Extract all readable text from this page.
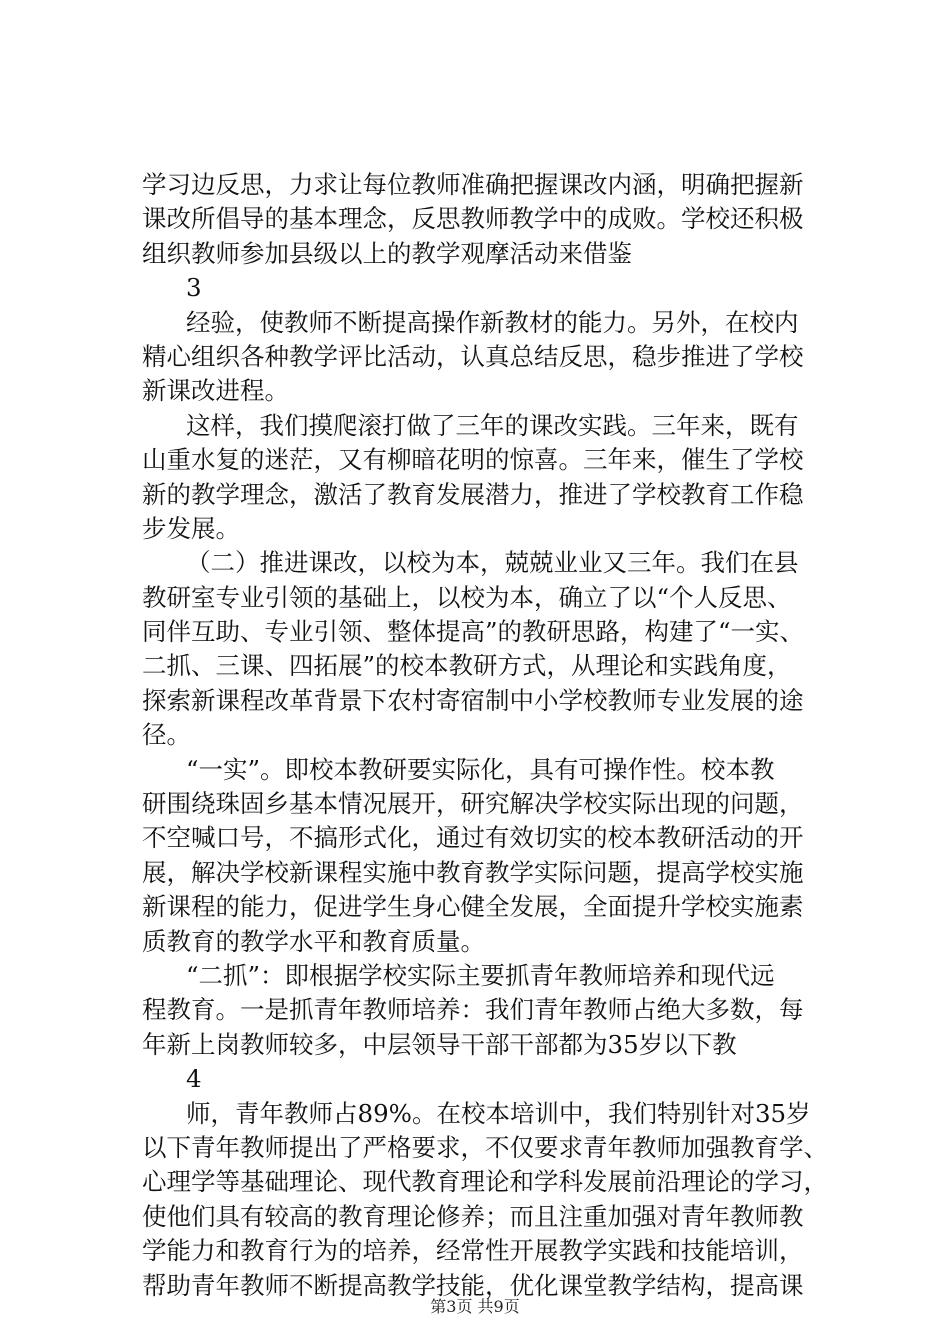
学习边反思，力求让每位教师准确把握课改内涵，明确把握新
课改所倡导的基本理念，反思教师教学中的成败。学校还积极
组织教师参加县级以上的教学观摩活动来借鉴
3
经验，使教师不断提高操作新教材的能力。另外，在校内
精心组织各种教学评比活动，认真总结反思，稳步推进了学校
新课改进程。
这样，我们摸爬滚打做了三年的课改实践。三年来，既有
山重水复的迷茫，又有柳暗花明的惊喜。三年来，催生了学校
新的教学理念，激活了教育发展潜力，推进了学校教育工作稳
步发展。
（二）推进课改，以校为本，兢兢业业又三年。我们在县
教研室专业引领的基础上，以校为本，确立了以“个人反思、
同伴互助、专业引领、整体提高”的教研思路，构建了“一实、
二抓、三课、四拓展”的校本教研方式，从理论和实践角度，
探索新课程改革背景下农村寄宿制中小学校教师专业发展的途
径。
“一实”。即校本教研要实际化，具有可操作性。校本教
研围绕珠固乡基本情况展开，研究解决学校实际出现的问题，
不空喊口号，不搞形式化，通过有效切实的校本教研活动的开
展，解决学校新课程实施中教育教学实际问题，提高学校实施
新课程的能力，促进学生身心健全发展，全面提升学校实施素
质教育的教学水平和教育质量。
“二抓”：即根据学校实际主要抓青年教师培养和现代远
程教育。一是抓青年教师培养：我们青年教师占绝大多数，每
年新上岗教师较多，中层领导干部干部都为35岁以下教
4
师，青年教师占89%。在校本培训中，我们特别针对35岁
以下青年教师提出了严格要求，不仅要求青年教师加强教育学、
心理学等基础理论、现代教育理论和学科发展前沿理论的学习，
使他们具有较高的教育理论修养；而且注重加强对青年教师教
学能力和教育行为的培养，经常性开展教学实践和技能培训，
帮助青年教师不断提高教学技能，优化课堂教学结构，提高课
第3页 共9页
